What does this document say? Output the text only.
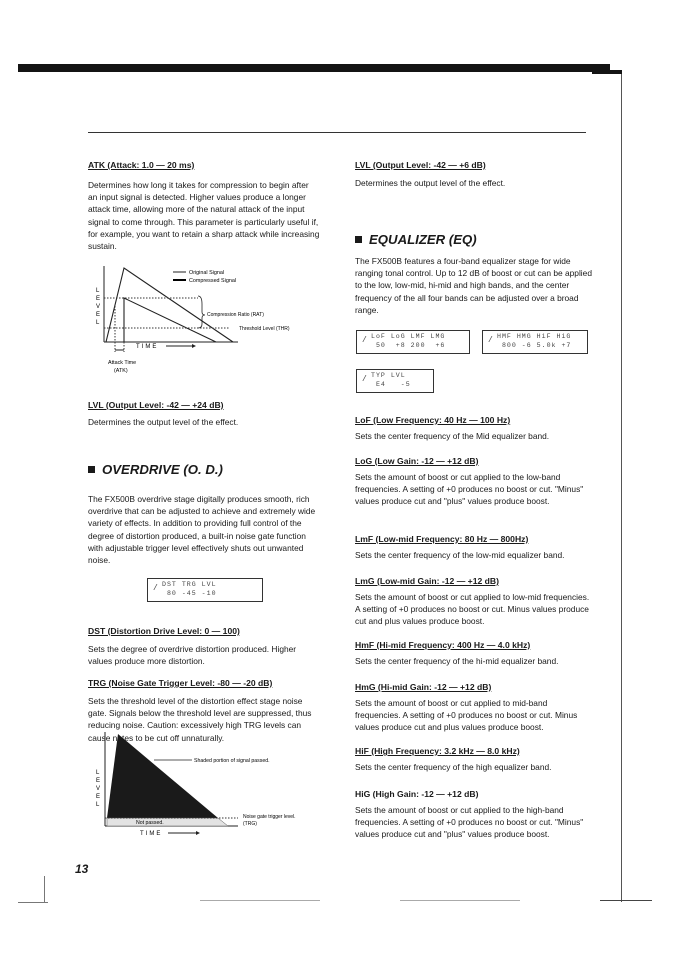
ATK (Attack: 1.0 — 20 ms)

Determines how long it takes for compression to begin after an input signal is detected. Higher values produce a longer attack time, allowing more of the natural attack of the input signal to come through. This parameter is particularly useful if, for example, you want to retain a sharp attack while increasing sustain.

L
E
V
E
L
Original Signal
Compressed Signal
Compression Ratio (RAT)
Threshold Level (THR)
TIME
Attack Time
(ATK)
LVL (Output Level: -42 — +24 dB)

Determines the output level of the effect.

OVERDRIVE (O. D.)

The FX500B overdrive stage digitally produces smooth, rich overdrive that can be adjusted to achieve and extremely wide variety of effects. In addition to providing full control of the degree of distortion produced, a built-in noise gate function with adjustable trigger level effectively shuts out unwanted noise.

/ DST TRG LVL
80 -45 -10
DST (Distortion Drive Level: 0 — 100)

Sets the degree of overdrive distortion produced. Higher values produce more distortion.

TRG (Noise Gate Trigger Level: -80 — -20 dB)

Sets the threshold level of the distortion effect stage noise gate. Signals below the threshold level are suppressed, thus reducing noise. Caution: excessively high TRG levels can cause notes to be cut off unnaturally.

L
E
V
E
L
Shaded portion of signal passed.
Noise gate trigger level.
(TRG)
Not passed.
TIME
13
LVL (Output Level: -42 — +6 dB)

Determines the output level of the effect.

EQUALIZER (EQ)

The FX500B features a four-band equalizer stage for wide ranging tonal control. Up to 12 dB of boost or cut can be applied to the low, low-mid, hi-mid and high bands, and the center frequency of the all four bands can be adjusted over a broad range.

/ LoF LoG LMF LMG
50  +8 200  +6
/ HMF HMG HiF HiG
800 -6 5.0k +7
/ TYP LVL
E4   -5
LoF (Low Frequency: 40 Hz — 100 Hz)

Sets the center frequency of the Mid equalizer band.

LoG (Low Gain: -12 — +12 dB)

Sets the amount of boost or cut applied to the low-band frequencies. A setting of +0 produces no boost or cut. "Minus" values produce cut and "plus" values produce boost.

LmF (Low-mid Frequency: 80 Hz — 800Hz)

Sets the center frequency of the low-mid equalizer band.

LmG (Low-mid Gain: -12 — +12 dB)

Sets the amount of boost or cut applied to low-mid frequencies. A setting of +0 produces no boost or cut. Minus values produce cut and plus values produce boost.

HmF (Hi-mid Frequency: 400 Hz — 4.0 kHz)

Sets the center frequency of the hi-mid equalizer band.

HmG (Hi-mid Gain: -12 — +12 dB)

Sets the amount of boost or cut applied to mid-band frequencies. A setting of +0 produces no boost or cut. Minus values produce cut and plus values produce boost.

HiF (High Frequency: 3.2 kHz — 8.0 kHz)

Sets the center frequency of the high equalizer band.

HiG (High Gain: -12 — +12 dB)

Sets the amount of boost or cut applied to the high-band frequencies. A setting of +0 produces no boost or cut. "Minus" values produce cut and "plus" values produce boost.
